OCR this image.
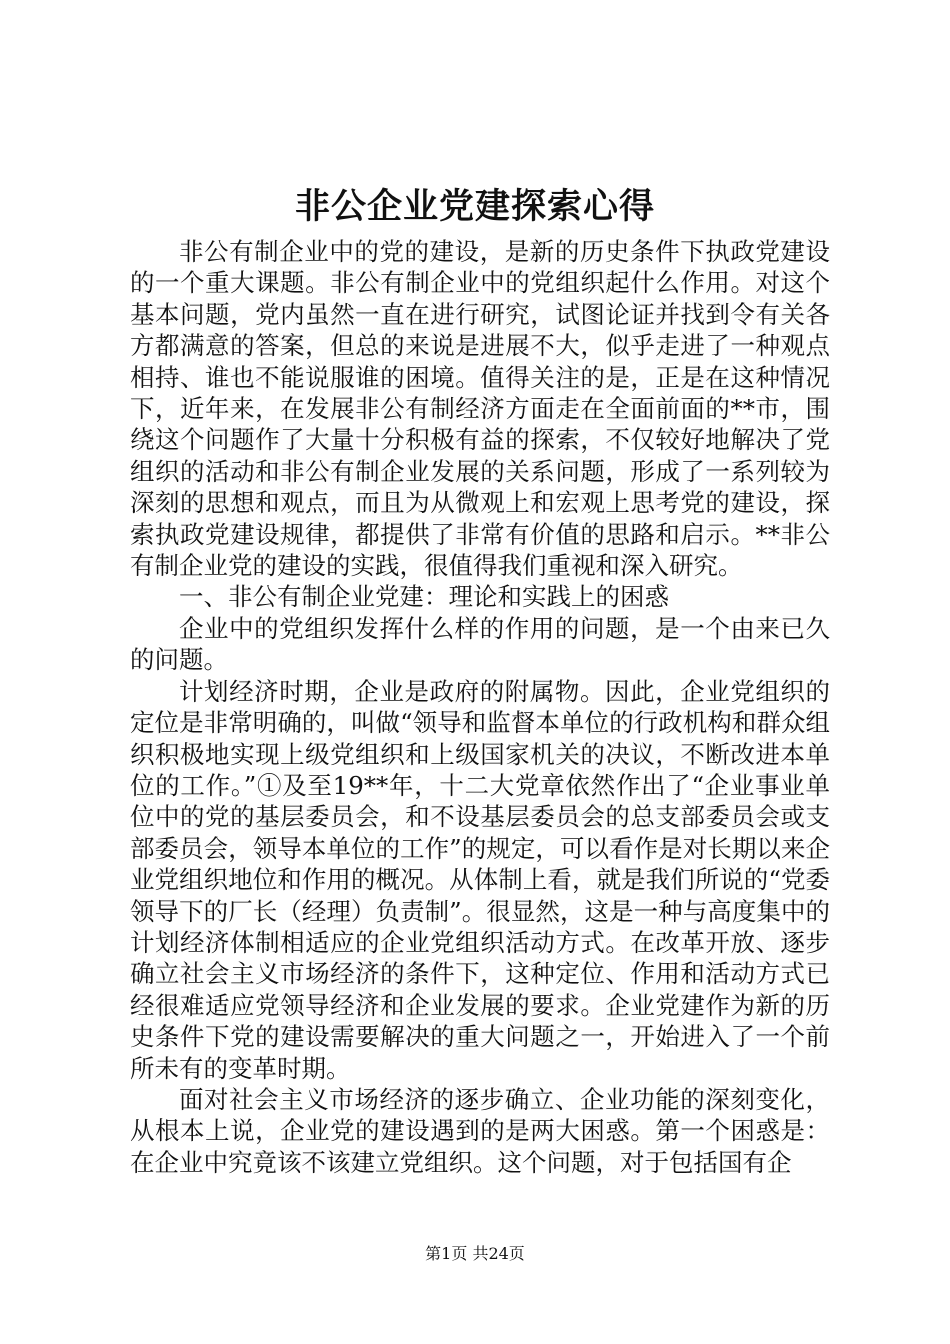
非公企业党建探索心得

非公有制企业中的党的建设，是新的历史条件下执政党建设的一个重大课题。非公有制企业中的党组织起什么作用。对这个基本问题，党内虽然一直在进行研究，试图论证并找到令有关各方都满意的答案，但总的来说是进展不大，似乎走进了一种观点相持、谁也不能说服谁的困境。值得关注的是，正是在这种情况下，近年来，在发展非公有制经济方面走在全面前面的**市，围绕这个问题作了大量十分积极有益的探索，不仅较好地解决了党组织的活动和非公有制企业发展的关系问题，形成了一系列较为深刻的思想和观点，而且为从微观上和宏观上思考党的建设，探索执政党建设规律，都提供了非常有价值的思路和启示。**非公有制企业党的建设的实践，很值得我们重视和深入研究。

一、非公有制企业党建：理论和实践上的困惑

企业中的党组织发挥什么样的作用的问题，是一个由来已久的问题。

计划经济时期，企业是政府的附属物。因此，企业党组织的定位是非常明确的，叫做“领导和监督本单位的行政机构和群众组织积极地实现上级党组织和上级国家机关的决议，不断改进本单位的工作。”①及至19**年，十二大党章依然作出了“企业事业单位中的党的基层委员会，和不设基层委员会的总支部委员会或支部委员会，领导本单位的工作”的规定，可以看作是对长期以来企业党组织地位和作用的概况。从体制上看，就是我们所说的“党委领导下的厂长（经理）负责制”。很显然，这是一种与高度集中的计划经济体制相适应的企业党组织活动方式。在改革开放、逐步确立社会主义市场经济的条件下，这种定位、作用和活动方式已经很难适应党领导经济和企业发展的要求。企业党建作为新的历史条件下党的建设需要解决的重大问题之一，开始进入了一个前所未有的变革时期。

面对社会主义市场经济的逐步确立、企业功能的深刻变化，从根本上说，企业党的建设遇到的是两大困惑。第一个困惑是：在企业中究竟该不该建立党组织。这个问题，对于包括国有企

第1页 共24页
